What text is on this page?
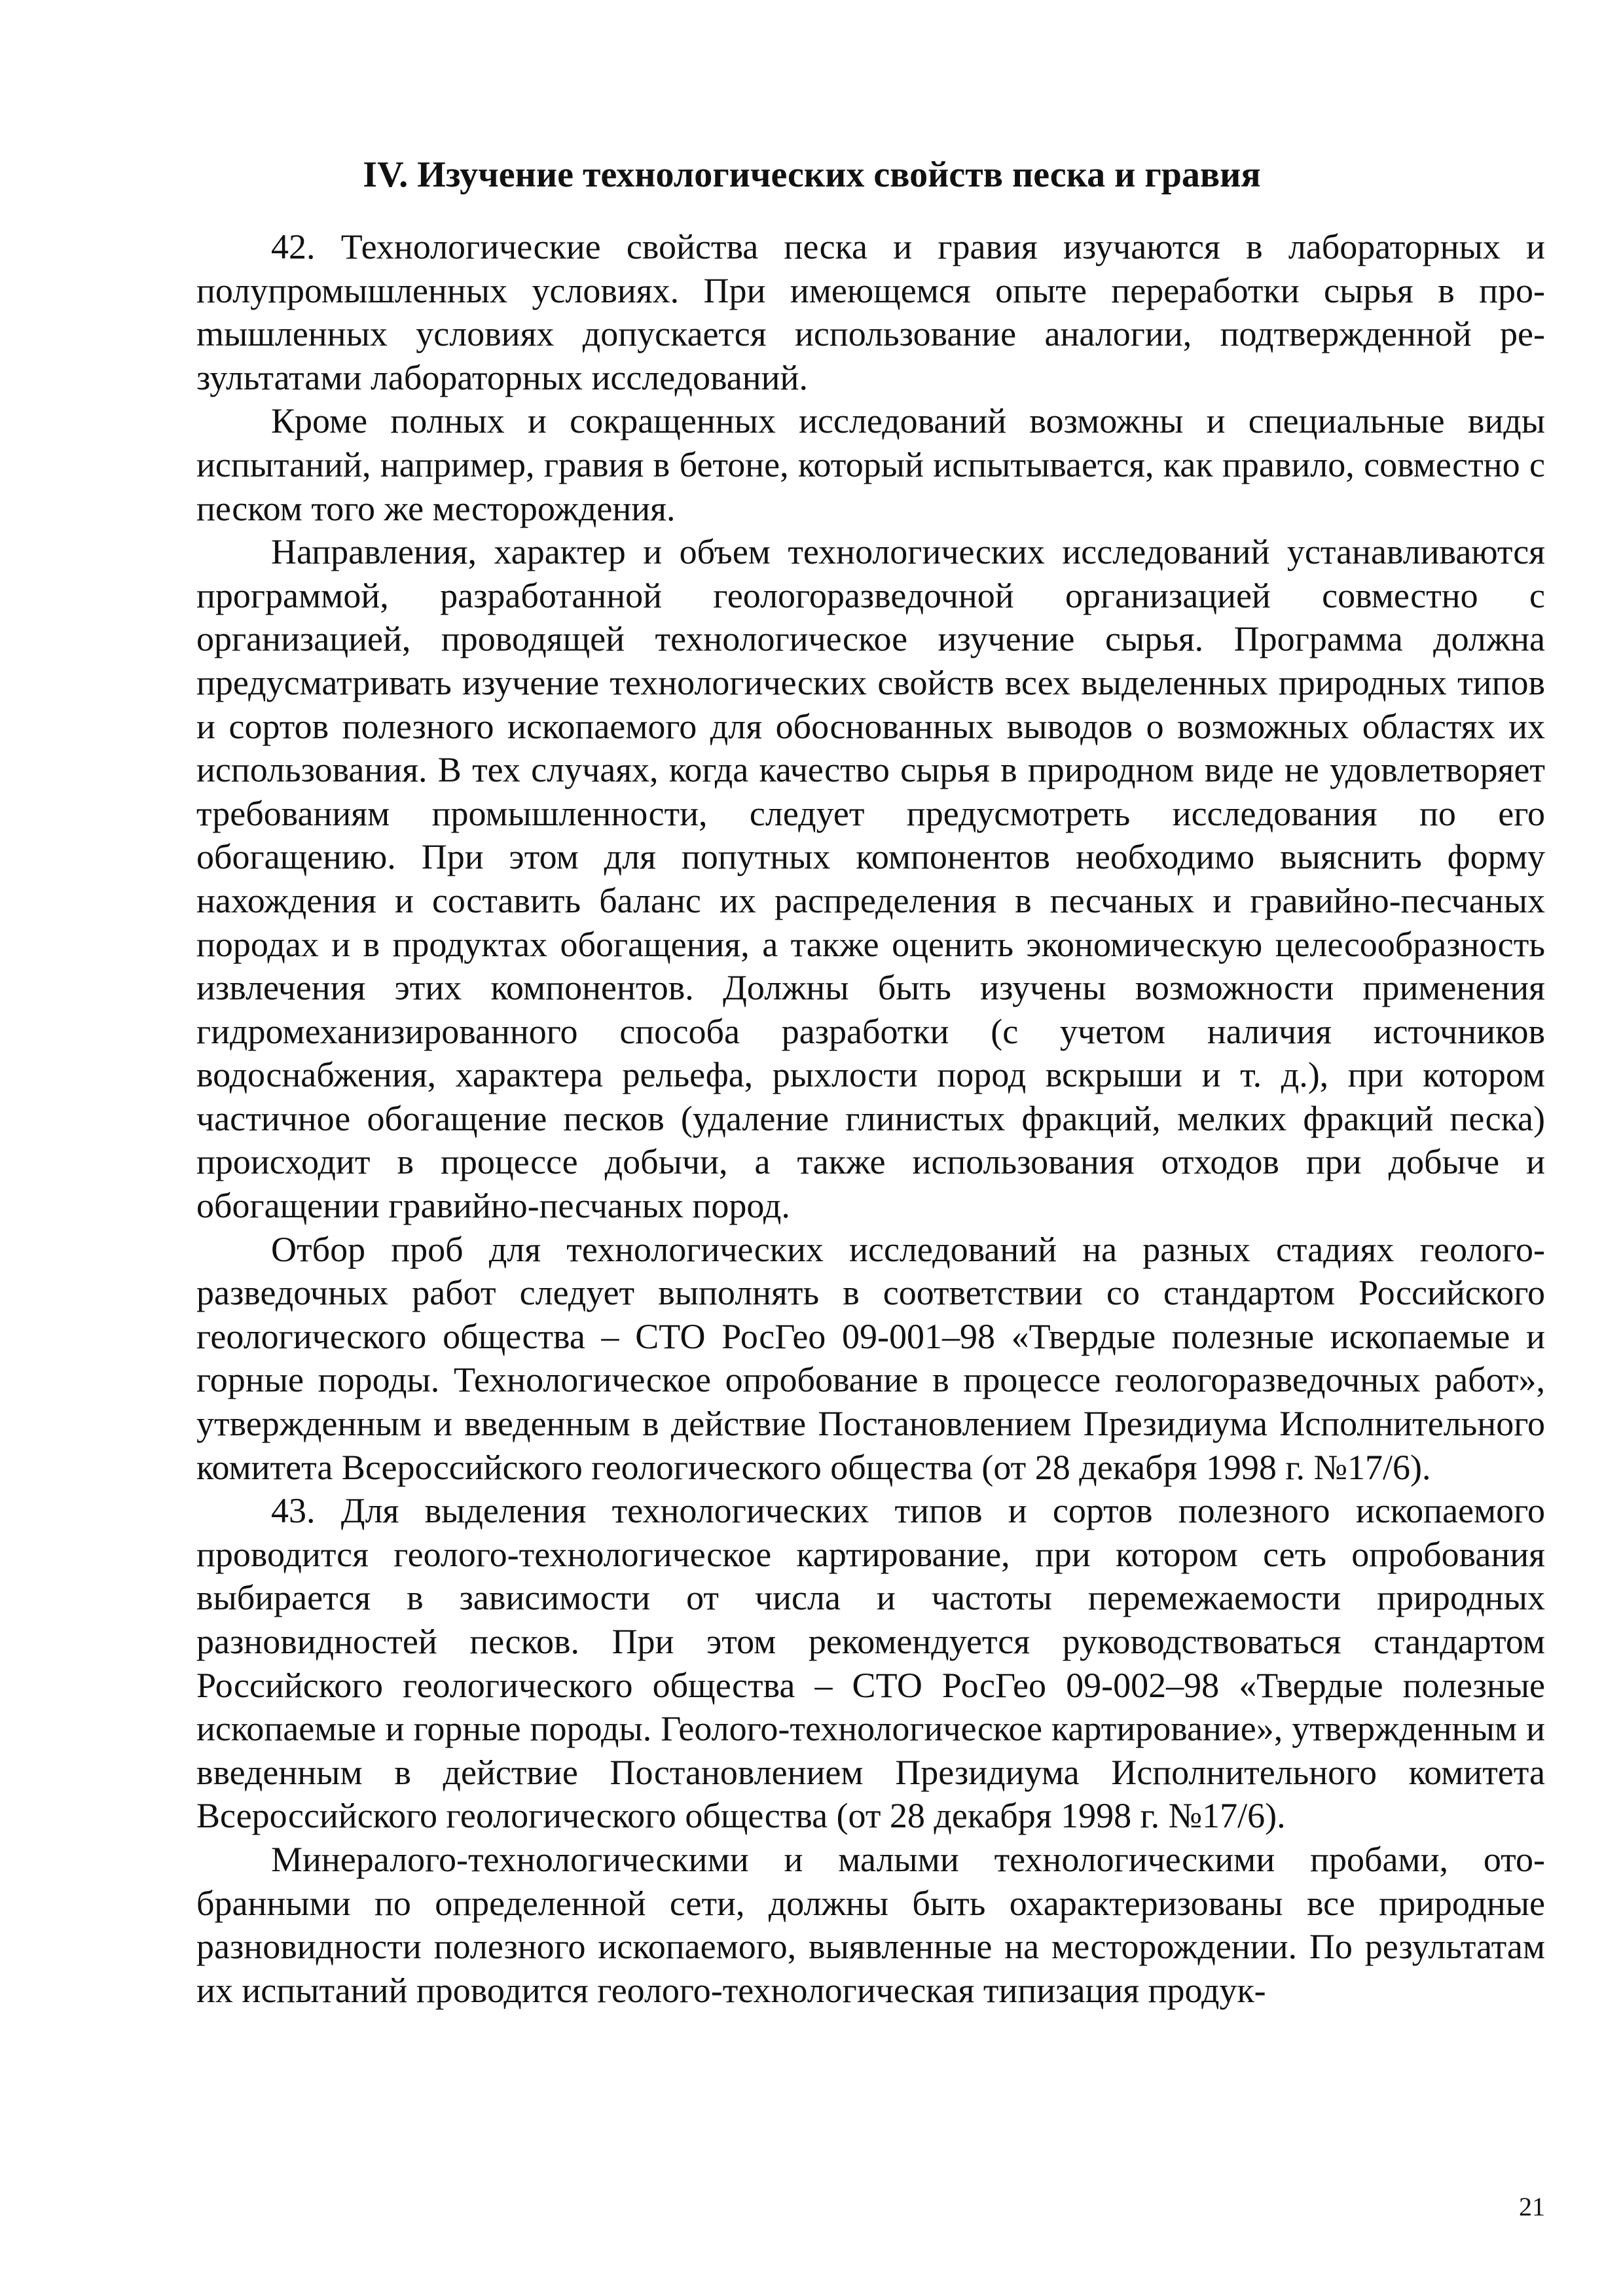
IV. Изучение технологических свойств песка и гравия

42. Технологические свойства песка и гравия изучаются в лабораторных и полупромышленных условиях. При имеющемся опыте переработки сырья в проmышленных условиях допускается использование аналогии, подтвержденной результатами лабораторных исследований.

Кроме полных и сокращенных исследований возможны и специальные виды испытаний, например, гравия в бетоне, который испытывается, как правило, совместно с песком того же месторождения.

Направления, характер и объем технологических исследований устанавливаются программой, разработанной геологоразведочной организацией совместно с организацией, проводящей технологическое изучение сырья. Программа должна предусматривать изучение технологических свойств всех выделенных природных типов и сортов полезного ископаемого для обоснованных выводов о возможных областях их использования. В тех случаях, когда качество сырья в природном виде не удовлетворяет требованиям промышленности, следует предусмотреть исследования по его обогащению. При этом для попутных компонентов необходимо выяснить форму нахождения и составить баланс их распределения в песчаных и гравийно-песчаных породах и в продуктах обогащения, а также оценить экономическую целесообразность извлечения этих компонентов. Должны быть изучены возможности применения гидромеханизированного способа разработки (с учетом наличия источников водоснабжения, характера рельефа, рыхлости пород вскрыши и т. д.), при котором частичное обогащение песков (удаление глинистых фракций, мелких фракций песка) происходит в процессе добычи, а также использования отходов при добыче и обогащении гравийно-песчаных пород.

Отбор проб для технологических исследований на разных стадиях геологоразведочных работ следует выполнять в соответствии со стандартом Российского геологического общества – СТО РосГео 09-001–98 «Твердые полезные ископаемые и горные породы. Технологическое опробование в процессе геологоразведочных работ», утвержденным и введенным в действие Постановлением Президиума Исполнительного комитета Всероссийского геологического общества (от 28 декабря 1998 г. №17/6).

43. Для выделения технологических типов и сортов полезного ископаемого проводится геолого-технологическое картирование, при котором сеть опробования выбирается в зависимости от числа и частоты перемежаемости природных разновидностей песков. При этом рекомендуется руководствоваться стандартом Российского геологического общества – СТО РосГео 09-002–98 «Твердые полезные ископаемые и горные породы. Геолого-технологическое картирование», утвержденным и введенным в действие Постановлением Президиума Исполнительного комитета Всероссийского геологического общества (от 28 декабря 1998 г. №17/6).

Минералого-технологическими и малыми технологическими пробами, отобранными по определенной сети, должны быть охарактеризованы все природные разновидности полезного ископаемого, выявленные на месторождении. По результатам их испытаний проводится геолого-технологическая типизация продук-

21
